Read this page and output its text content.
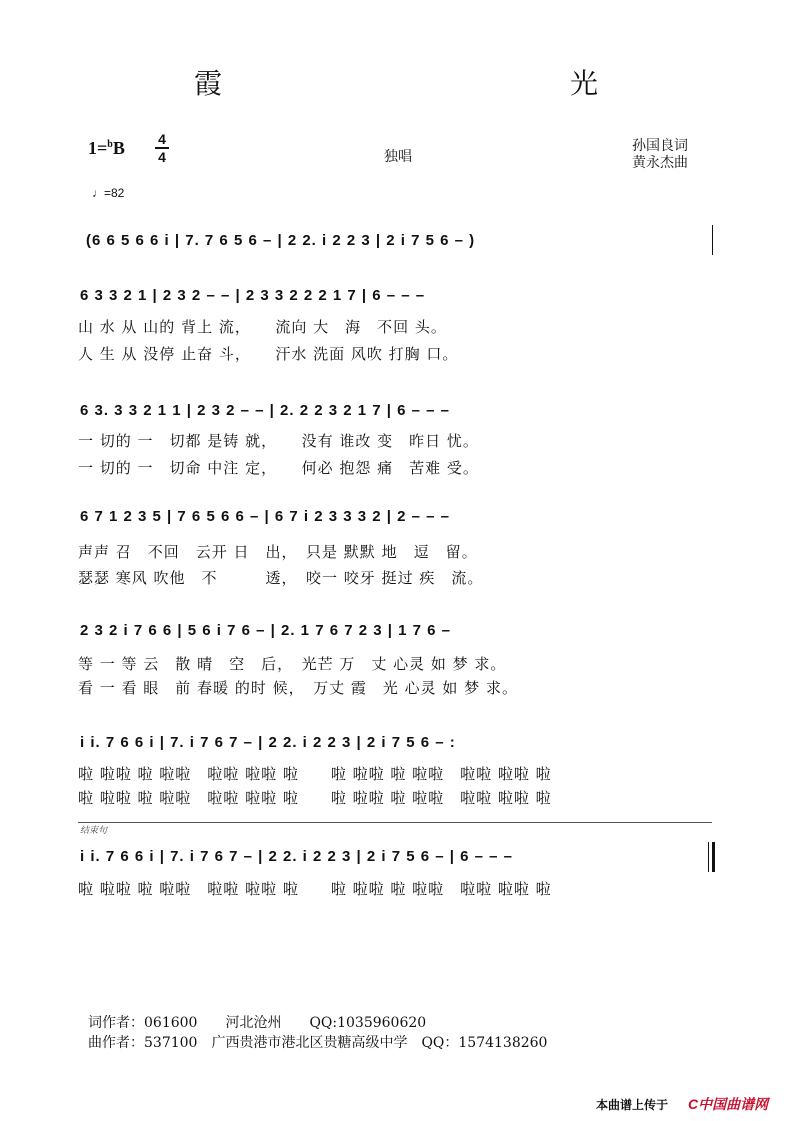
霞　光
1=$^b$B 4
4	独唱
孙国良词
黄永杰曲
♩=82
(6 6 5 6 6 i | 7. 7 6 5 6 – | 2 2. i 2 2 3 | 2 i 7 5 6 – )
6 3 3 2 1 | 2 3 2 – – | 2 3 3 2 2 2 1 7 | 6 – – –
山 水 从 山的 背上 流，　　流向 大　海　不回 头。
人 生 从 没停 止奋 斗，　　汗水 洗面 风吹 打胸 口。
6 3. 3 3 2 1 1 | 2 3 2 – – | 2. 2 2 3 2 1 7 | 6 – – –
一 切的 一　切都 是铸 就，　　没有 谁改 变　昨日 忧。
一 切的 一　切命 中注 定，　　何必 抱怨 痛　苦难 受。
6 7 1 2 3 5 | 7 6 5 6 6 – | 6 7 i 2 3 3 3 2 | 2 – – –
声声 召　不回　云开 日　出，　只是 默默 地　逗　留。
瑟瑟 寒风 吹他　不　　　透，　咬一 咬牙 挺过 疾　流。
2 3 2 i 7 6 6 | 5 6 i 7 6 – | 2. 1 7 6 7 2 3 | 1 7 6 –
等 一 等 云　散 晴　空　后，　光芒 万　丈 心灵 如 梦 求。
看 一 看 眼　前 春暖 的时 候，　万丈 霞　光 心灵 如 梦 求。
i i. 7 6 6 i | 7. i 7 6 7 – | 2 2. i 2 2 3 | 2 i 7 5 6 – :
啦 啦啦 啦 啦啦　啦啦 啦啦 啦　　啦 啦啦 啦 啦啦　啦啦 啦啦 啦
啦 啦啦 啦 啦啦　啦啦 啦啦 啦　　啦 啦啦 啦 啦啦　啦啦 啦啦 啦
结束句
i i. 7 6 6 i | 7. i 7 6 7 – | 2 2. i 2 2 3 | 2 i 7 5 6 – | 6 – – –
啦 啦啦 啦 啦啦　啦啦 啦啦 啦　　啦 啦啦 啦 啦啦　啦啦 啦啦 啦
词作者：061600　　河北沧州　　QQ:1035960620
曲作者：537100　广西贵港市港北区贵糖高级中学　QQ：1574138260
本曲谱上传于 C中国曲谱网
